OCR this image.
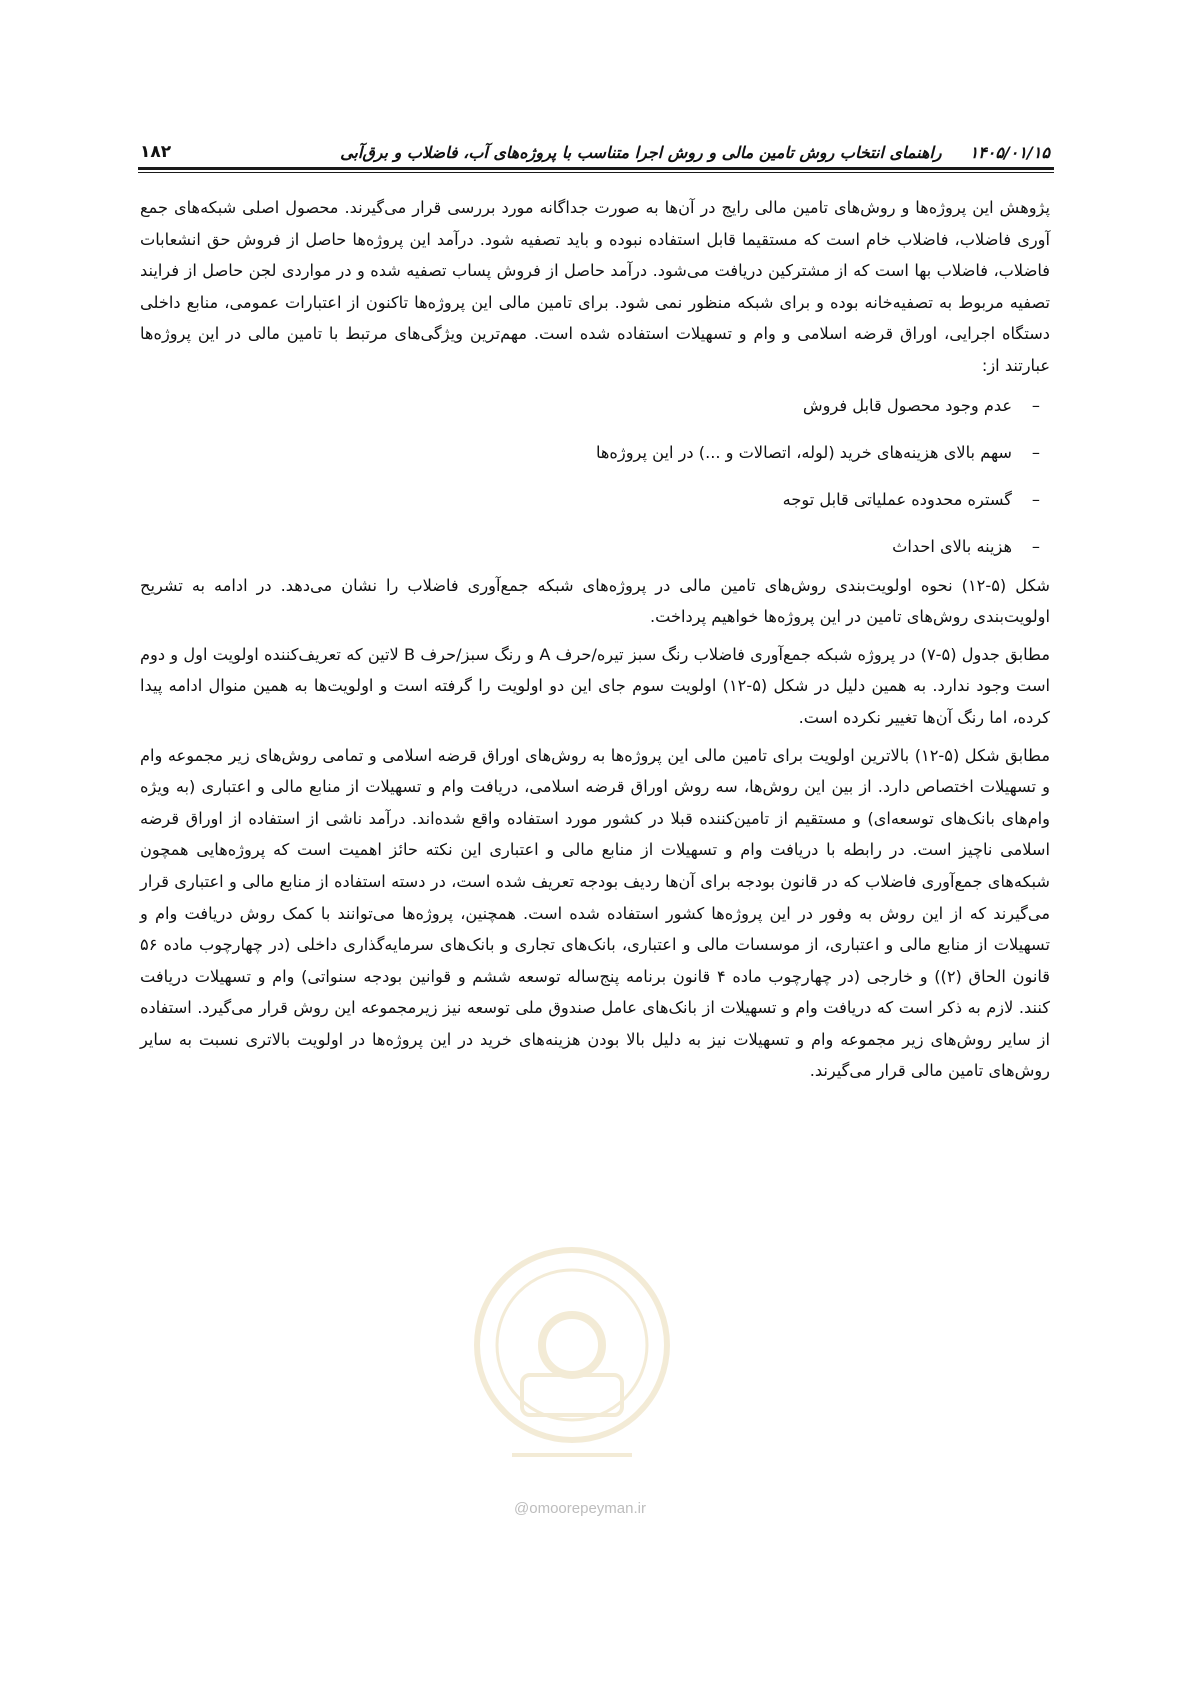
۱۴۰۵/۰۱/۱۵
راهنمای انتخاب روش تامین مالی و روش اجرا متناسب با پروژه‌های آب، فاضلاب و برق‌آبی
۱۸۲

پژوهش این پروژه‌ها و روش‌های تامین مالی رایج در آن‌ها به صورت جداگانه مورد بررسی قرار می‌گیرند. محصول اصلی شبکه‌های جمع آوری فاضلاب، فاضلاب خام است که مستقیما قابل استفاده نبوده و باید تصفیه شود. درآمد این پروژه‌ها حاصل از فروش حق انشعابات فاضلاب، فاضلاب بها است که از مشترکین دریافت می‌شود. درآمد حاصل از فروش پساب تصفیه شده و در مواردی لجن حاصل از فرایند تصفیه مربوط به تصفیه‌خانه بوده و برای شبکه منظور نمی شود. برای تامین مالی این پروژه‌ها تاکنون از اعتبارات عمومی، منابع داخلی دستگاه اجرایی، اوراق قرضه اسلامی و وام و تسهیلات استفاده شده است. مهم‌ترین ویژگی‌های مرتبط با تامین مالی در این پروژه‌ها عبارتند از:

–عدم وجود محصول قابل فروش
–سهم بالای هزینه‌های خرید (لوله، اتصالات و ...) در این پروژه‌ها
–گستره محدوده عملیاتی قابل توجه
–هزینه بالای احداث

شکل (۵-۱۲) نحوه اولویت‌بندی روش‌های تامین مالی در پروژه‌های شبکه جمع‌آوری فاضلاب را نشان می‌دهد. در ادامه به تشریح اولویت‌بندی روش‌های تامین در این پروژه‌ها خواهیم پرداخت.

مطابق جدول (۵-۷) در پروژه شبکه جمع‌آوری فاضلاب رنگ سبز تیره/حرف A و رنگ سبز/حرف B لاتین که تعریف‌کننده اولویت اول و دوم است وجود ندارد. به همین دلیل در شکل (۵-۱۲) اولویت سوم جای این دو اولویت را گرفته است و اولویت‌ها به همین منوال ادامه پیدا کرده، اما رنگ آن‌ها تغییر نکرده است.

مطابق شکل (۵-۱۲) بالاترین اولویت برای تامین مالی این پروژه‌ها به روش‌های اوراق قرضه اسلامی و تمامی روش‌های زیر مجموعه وام و تسهیلات اختصاص دارد. از بین این روش‌ها، سه روش اوراق قرضه اسلامی، دریافت وام و تسهیلات از منابع مالی و اعتباری (به ویژه وام‌های بانک‌های توسعه‌ای) و مستقیم از تامین‌کننده قبلا در کشور مورد استفاده واقع شده‌اند. درآمد ناشی از استفاده از اوراق قرضه اسلامی ناچیز است. در رابطه با دریافت وام و تسهیلات از منابع مالی و اعتباری این نکته حائز اهمیت است که پروژه‌هایی همچون شبکه‌های جمع‌آوری فاضلاب که در قانون بودجه برای آن‌ها ردیف بودجه تعریف شده است، در دسته استفاده از منابع مالی و اعتباری قرار می‌گیرند که از این روش به وفور در این پروژه‌ها کشور استفاده شده است. همچنین، پروژه‌ها می‌توانند با کمک روش دریافت وام و تسهیلات از منابع مالی و اعتباری، از موسسات مالی و اعتباری، بانک‌های تجاری و بانک‌های سرمایه‌گذاری داخلی (در چهارچوب ماده ۵۶ قانون الحاق (۲)) و خارجی (در چهارچوب ماده ۴ قانون برنامه پنج‌ساله توسعه ششم و قوانین بودجه سنواتی) وام و تسهیلات دریافت کنند. لازم به ذکر است که دریافت وام و تسهیلات از بانک‌های عامل صندوق ملی توسعه نیز زیرمجموعه این روش قرار می‌گیرد. استفاده از سایر روش‌های زیر مجموعه وام و تسهیلات نیز به دلیل بالا بودن هزینه‌های خرید در این پروژه‌ها در اولویت بالاتری نسبت به سایر روش‌های تامین مالی قرار می‌گیرند.

@omoorepeyman.ir
